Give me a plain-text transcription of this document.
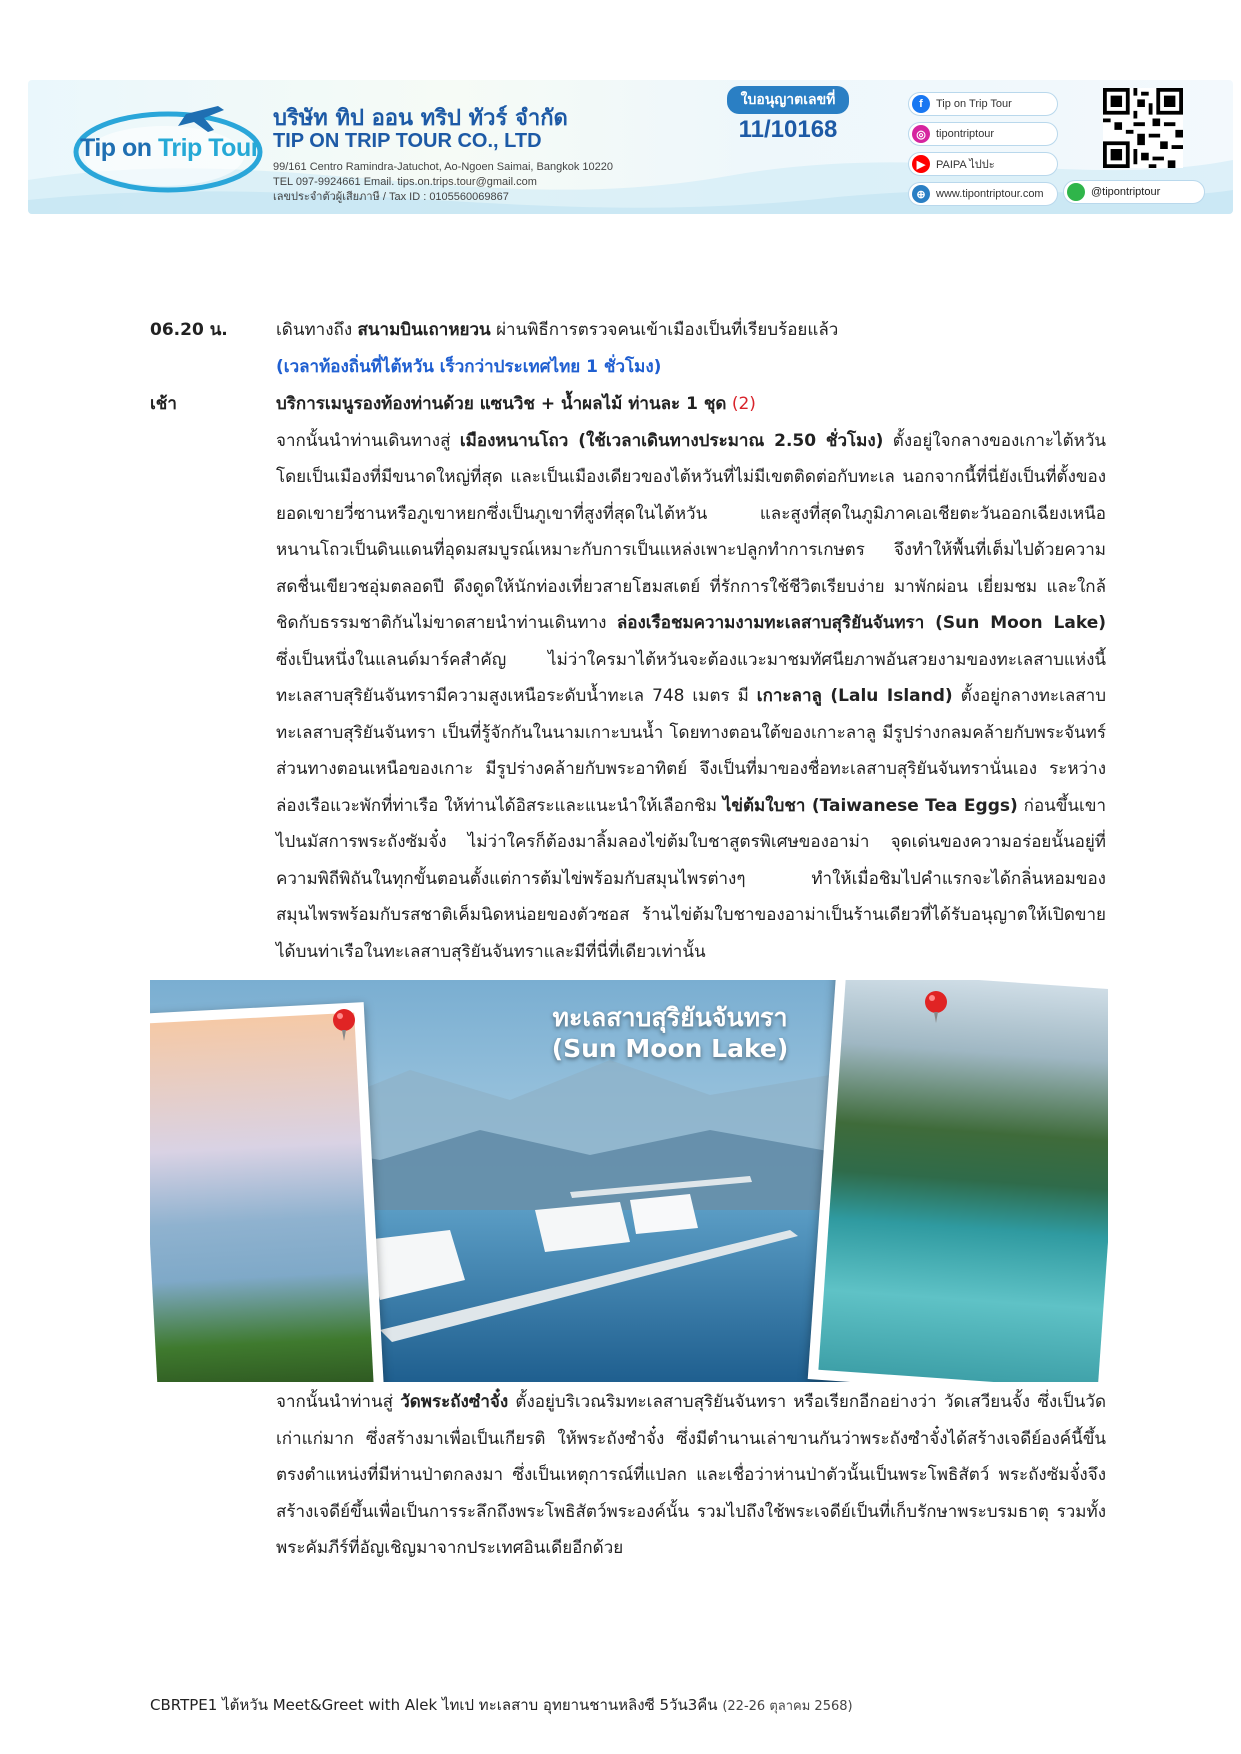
Tip on Trip Tour
บริษัท ทิป ออน ทริป ทัวร์ จำกัด
TIP ON TRIP TOUR CO., LTD
99/161 Centro Ramindra-Jatuchot, Ao-Ngoen Saimai, Bangkok 10220
TEL 097-9924661 Email. tips.on.trips.tour@gmail.com
เลขประจำตัวผู้เสียภาษี / Tax ID : 0105560069867
ใบอนุญาตเลขที่
11/10168
f	Tip on Trip Tour
◎ tipontriptour
▶ PAIPA ไปปะ
⊕ www.tipontriptour.com	@tipontriptour
06.20 น.	เดินทางถึง สนามบินเถาหยวน ผ่านพิธีการตรวจคนเข้าเมืองเป็นที่เรียบร้อยแล้ว
(เวลาท้องถิ่นที่ไต้หวัน เร็วกว่าประเทศไทย 1 ชั่วโมง)
เช้า	บริการเมนูรองท้องท่านด้วย แซนวิช + น้ำผลไม้ ท่านละ 1 ชุด (2)
จากนั้นนำท่านเดินทางสู่ เมืองหนานโถว (ใช้เวลาเดินทางประมาณ 2.50 ชั่วโมง) ตั้งอยู่ใจกลางของเกาะไต้หวัน โดยเป็นเมืองที่มีขนาดใหญ่ที่สุด และเป็นเมืองเดียวของไต้หวันที่ไม่มีเขตติดต่อกับทะเล นอกจากนี้ที่นี่ยังเป็นที่ตั้งของยอดเขายวี่ซานหรือภูเขาหยกซึ่งเป็นภูเขาที่สูงที่สุดในไต้หวัน และสูงที่สุดในภูมิภาคเอเชียตะวันออกเฉียงเหนือ หนานโถวเป็นดินแดนที่อุดมสมบูรณ์เหมาะกับการเป็นแหล่งเพาะปลูกทำการเกษตร จึงทำให้พื้นที่เต็มไปด้วยความสดชื่นเขียวชอุ่มตลอดปี ดึงดูดให้นักท่องเที่ยวสายโฮมสเตย์ ที่รักการใช้ชีวิตเรียบง่าย มาพักผ่อน เยี่ยมชม และใกล้ชิดกับธรรมชาติกันไม่ขาดสายนำท่านเดินทาง ล่องเรือชมความงามทะเลสาบสุริยันจันทรา (Sun Moon Lake) ซึ่งเป็นหนึ่งในแลนด์มาร์คสำคัญ ไม่ว่าใครมาไต้หวันจะต้องแวะมาชมทัศนียภาพอันสวยงามของทะเลสาบแห่งนี้ทะเลสาบสุริยันจันทรามีความสูงเหนือระดับน้ำทะเล 748 เมตร มี เกาะลาลู (Lalu Island) ตั้งอยู่กลางทะเลสาบทะเลสาบสุริยันจันทรา เป็นที่รู้จักกันในนามเกาะบนน้ำ โดยทางตอนใต้ของเกาะลาลู มีรูปร่างกลมคล้ายกับพระจันทร์ ส่วนทางตอนเหนือของเกาะ มีรูปร่างคล้ายกับพระอาทิตย์ จึงเป็นที่มาของชื่อทะเลสาบสุริยันจันทรานั่นเอง ระหว่างล่องเรือแวะพักที่ท่าเรือ ให้ท่านได้อิสระและแนะนำให้เลือกชิม ไข่ต้มใบชา (Taiwanese Tea Eggs) ก่อนขึ้นเขาไปนมัสการพระถังซัมจั๋ง ไม่ว่าใครก็ต้องมาลิ้มลองไข่ต้มใบชาสูตรพิเศษของอาม่า จุดเด่นของความอร่อยนั้นอยู่ที่ความพิถีพิถันในทุกขั้นตอนตั้งแต่การต้มไข่พร้อมกับสมุนไพรต่างๆ ทำให้เมื่อชิมไปคำแรกจะได้กลิ่นหอมของสมุนไพรพร้อมกับรสชาติเค็มนิดหน่อยของตัวซอส ร้านไข่ต้มใบชาของอาม่าเป็นร้านเดียวที่ได้รับอนุญาตให้เปิดขายได้บนท่าเรือในทะเลสาบสุริยันจันทราและมีที่นี่ที่เดียวเท่านั้น
ทะเลสาบสุริยันจันทรา
(Sun Moon Lake)
จากนั้นนำท่านสู่ วัดพระถังซำจั๋ง ตั้งอยู่บริเวณริมทะเลสาบสุริยันจันทรา หรือเรียกอีกอย่างว่า วัดเสวียนจั้ง ซึ่งเป็นวัดเก่าแก่มาก ซึ่งสร้างมาเพื่อเป็นเกียรติ ให้พระถังซำจั๋ง ซึ่งมีตำนานเล่าขานกันว่าพระถังซำจั๋งได้สร้างเจดีย์องค์นี้ขึ้นตรงตำแหน่งที่มีห่านป่าตกลงมา ซึ่งเป็นเหตุการณ์ที่แปลก และเชื่อว่าห่านป่าตัวนั้นเป็นพระโพธิสัตว์ พระถังซัมจั๋งจึงสร้างเจดีย์ขึ้นเพื่อเป็นการระลึกถึงพระโพธิสัตว์พระองค์นั้น รวมไปถึงใช้พระเจดีย์เป็นที่เก็บรักษาพระบรมธาตุ รวมทั้งพระคัมภีร์ที่อัญเชิญมาจากประเทศอินเดียอีกด้วย
CBRTPE1 ไต้หวัน Meet&Greet with Alek ไทเป ทะเลสาบ อุทยานชานหลิงซี 5วัน3คืน (22-26 ตุลาคม 2568)
